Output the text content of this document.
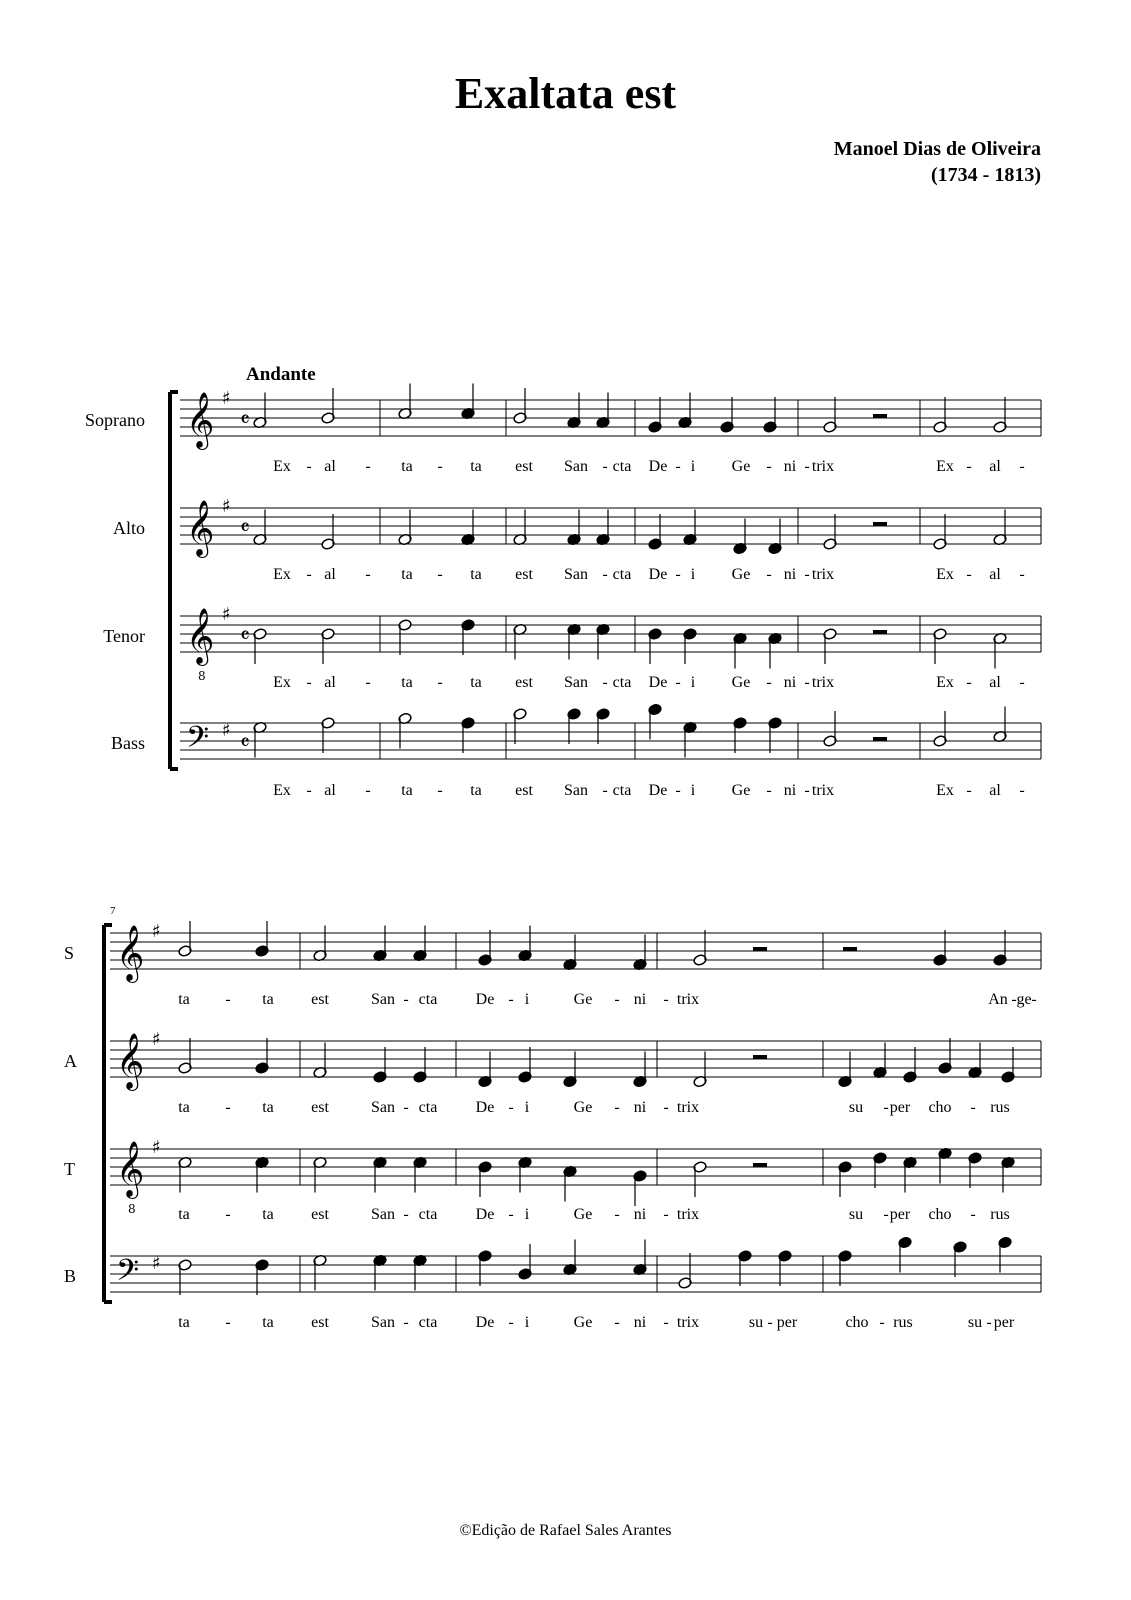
Exaltata est
Manoel Dias de Oliveira
(1734 - 1813)
Andante
©Edição de Rafael Sales Arantes
Soprano
Alto
Tenor
Bass
S
A
T
B
7
𝄞 ♯
𝄴
𝄞 ♯
𝄴
𝄞
8
♯
𝄴
𝄢 ♯
𝄴
𝄞 ♯
𝄞 ♯
𝄞
8
♯
𝄢 ♯
Ex - al - ta - ta est San - cta De - i Ge - ni - trix	Ex - al -
Ex - al - ta - ta est San - cta De - i Ge - ni - trix	Ex - al -
Ex - al - ta - ta est San - cta De - i Ge - ni - trix	Ex - al -
Ex - al - ta - ta est San - cta De - i Ge - ni - trix	Ex - al -
ta - ta est	San - cta De - i	Ge - ni - trix	An - ge -
ta - ta est	San - cta De - i	Ge - ni - trix	su - per cho - rus
ta - ta est	San - cta De - i	Ge - ni - trix	su - per cho - rus
ta - ta est	San - cta De - i	Ge - ni - trix	su - per	cho - rus	su - per
